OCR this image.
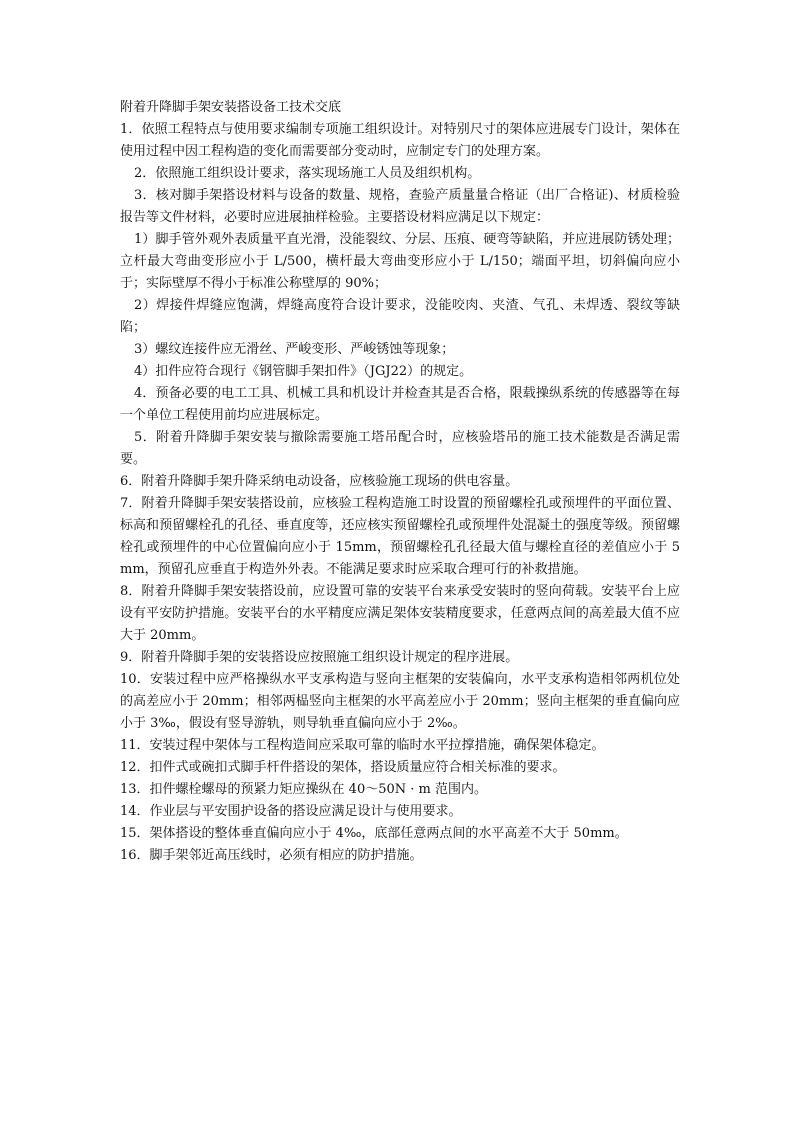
附着升降脚手架安装搭设备工技术交底

1．依照工程特点与使用要求编制专项施工组织设计。对特别尺寸的架体应进展专门设计，架体在使用过程中因工程构造的变化而需要部分变动时，应制定专门的处理方案。

2．依照施工组织设计要求，落实现场施工人员及组织机构。

3．核对脚手架搭设材料与设备的数量、规格，查验产质量量合格证（出厂合格证)、材质检验报告等文件材料，必要时应进展抽样检验。主要搭设材料应满足以下规定：

1）脚手管外观外表质量平直光滑，没能裂纹、分层、压痕、硬弯等缺陷，并应进展防锈处理；立杆最大弯曲变形应小于 L/500，横杆最大弯曲变形应小于 L/150；端面平坦，切斜偏向应小于；实际壁厚不得小于标准公称壁厚的 90%；

2）焊接件焊缝应饱满，焊缝高度符合设计要求，没能咬肉、夹渣、气孔、未焊透、裂纹等缺陷；

3）螺纹连接件应无滑丝、严峻变形、严峻锈蚀等现象；

4）扣件应符合现行《钢管脚手架扣件》（JGJ22）的规定。

4．预备必要的电工工具、机械工具和机设计并检查其是否合格，限载操纵系统的传感器等在每一个单位工程使用前均应进展标定。

5．附着升降脚手架安装与撤除需要施工塔吊配合时，应核验塔吊的施工技术能数是否满足需要。

6．附着升降脚手架升降采纳电动设备，应核验施工现场的供电容量。

7．附着升降脚手架安装搭设前，应核验工程构造施工时设置的预留螺栓孔或预埋件的平面位置、标高和预留螺栓孔的孔径、垂直度等，还应核实预留螺栓孔或预埋件处混凝土的强度等级。预留螺栓孔或预埋件的中心位置偏向应小于 15mm，预留螺栓孔孔径最大值与螺栓直径的差值应小于 5mm，预留孔应垂直于构造外外表。不能满足要求时应采取合理可行的补救措施。

8．附着升降脚手架安装搭设前，应设置可靠的安装平台来承受安装时的竖向荷载。安装平台上应设有平安防护措施。安装平台的水平精度应满足架体安装精度要求，任意两点间的高差最大值不应大于 20mm。

9．附着升降脚手架的安装搭设应按照施工组织设计规定的程序进展。

10．安装过程中应严格操纵水平支承构造与竖向主框架的安装偏向，水平支承构造相邻两机位处的高差应小于 20mm；相邻两榀竖向主框架的水平高差应小于 20mm；竖向主框架的垂直偏向应小于 3‰，假设有竖导游轨，则导轨垂直偏向应小于 2‰。

11．安装过程中架体与工程构造间应采取可靠的临时水平拉撑措施，确保架体稳定。

12．扣件式或碗扣式脚手杆件搭设的架体，搭设质量应符合相关标准的要求。

13．扣件螺栓螺母的预紧力矩应操纵在 40～50N · m 范围内。

14．作业层与平安围护设备的搭设应满足设计与使用要求。

15．架体搭设的整体垂直偏向应小于 4‰，底部任意两点间的水平高差不大于 50mm。

16．脚手架邻近高压线时，必须有相应的防护措施。
